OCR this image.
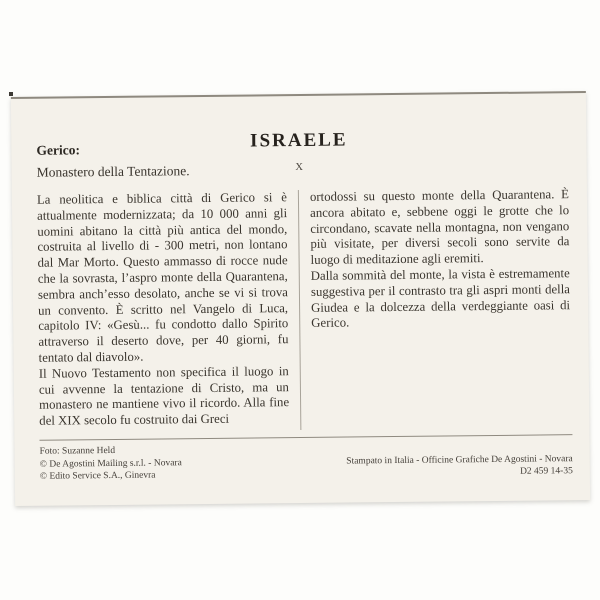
ISRAELE
X
Gerico:
Monastero della Tentazione.

La neolitica e biblica città di Gerico si è attualmente modernizzata; da 10 000 anni gli uomini abitano la città più antica del mondo, costruita al livello di - 300 metri, non lontano dal Mar Morto. Questo ammasso di rocce nude che la sovrasta, l’aspro monte della Quarantena, sembra anch’esso desolato, anche se vi si trova un convento. È scritto nel Vangelo di Luca, capitolo IV: «Gesù... fu condotto dallo Spirito attraverso il deserto dove, per 40 giorni, fu tentato dal diavolo».

Il Nuovo Testamento non specifica il luogo in cui avvenne la tentazione di Cristo, ma un monastero ne mantiene vivo il ricordo. Alla fine del XIX secolo fu costruito dai Greci

ortodossi su questo monte della Quarantena. È ancora abitato e, sebbene oggi le grotte che lo circondano, scavate nella montagna, non vengano più visitate, per diversi secoli sono servite da luogo di meditazione agli eremiti.

Dalla sommità del monte, la vista è estremamente suggestiva per il contrasto tra gli aspri monti della Giudea e la dolcezza della verdeggiante oasi di Gerico.

Foto: Suzanne Held
© De Agostini Mailing s.r.l. - Novara
© Edito Service S.A., Ginevra
Stampato in Italia - Officine Grafiche De Agostini - Novara
D2 459 14-35
